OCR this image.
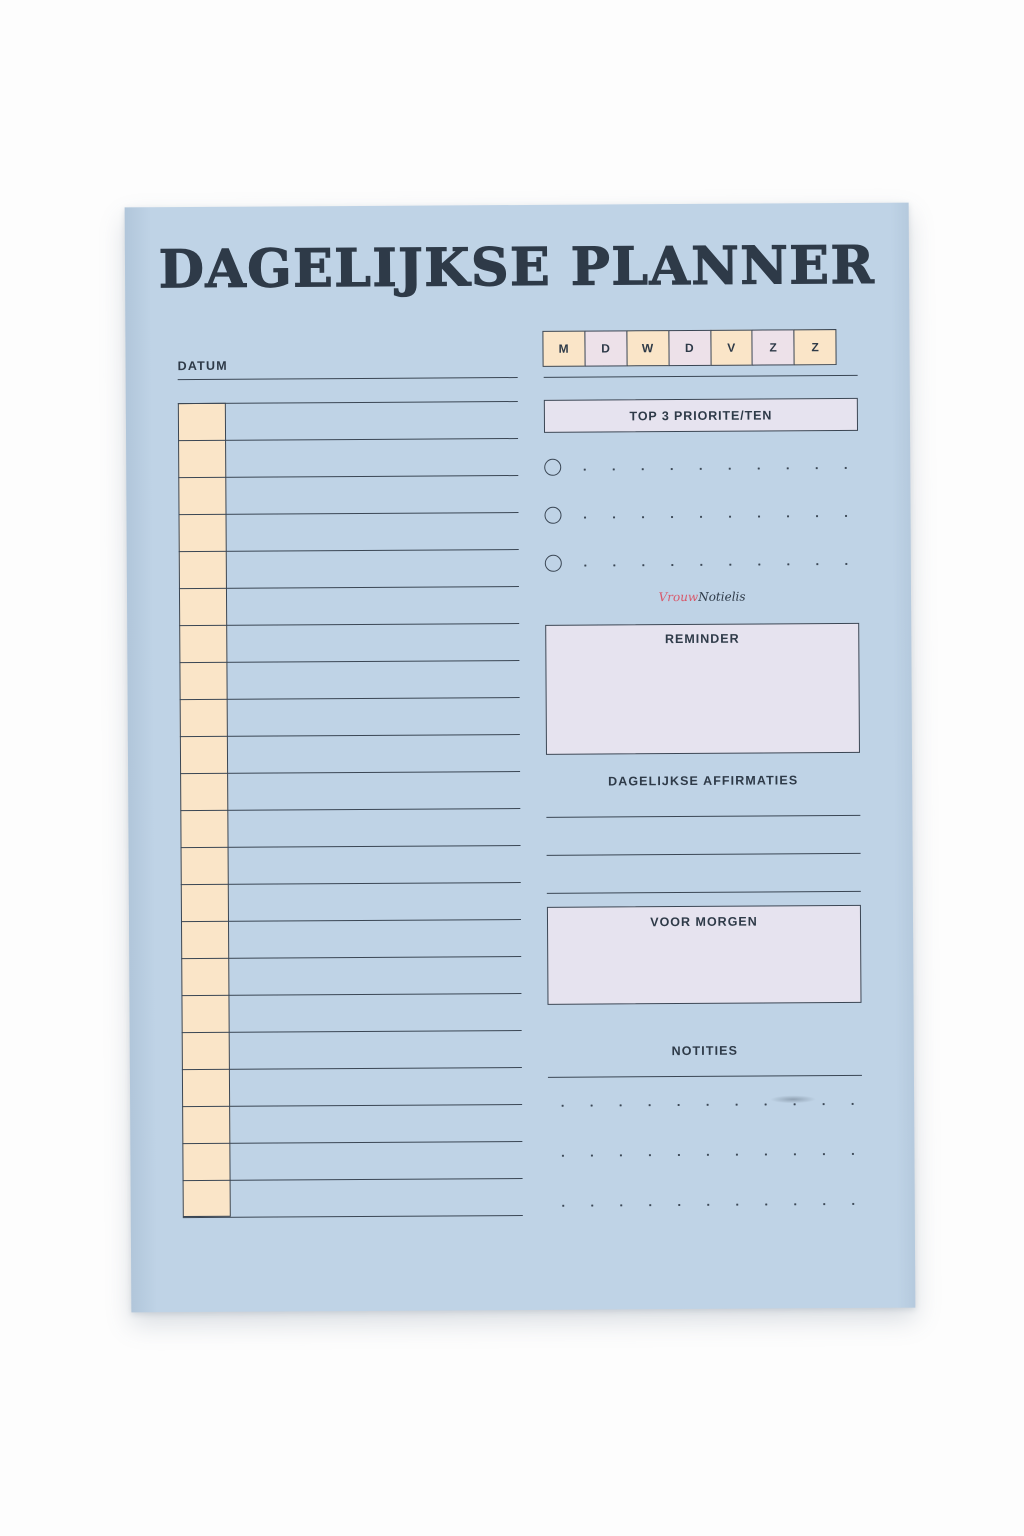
DAGELIJKSE PLANNER
DATUM
M	D	W	D	V	Z	Z
TOP 3 PRIORITE/TEN
VrouwNotielis
REMINDER
DAGELIJKSE AFFIRMATIES
VOOR MORGEN
NOTITIES
